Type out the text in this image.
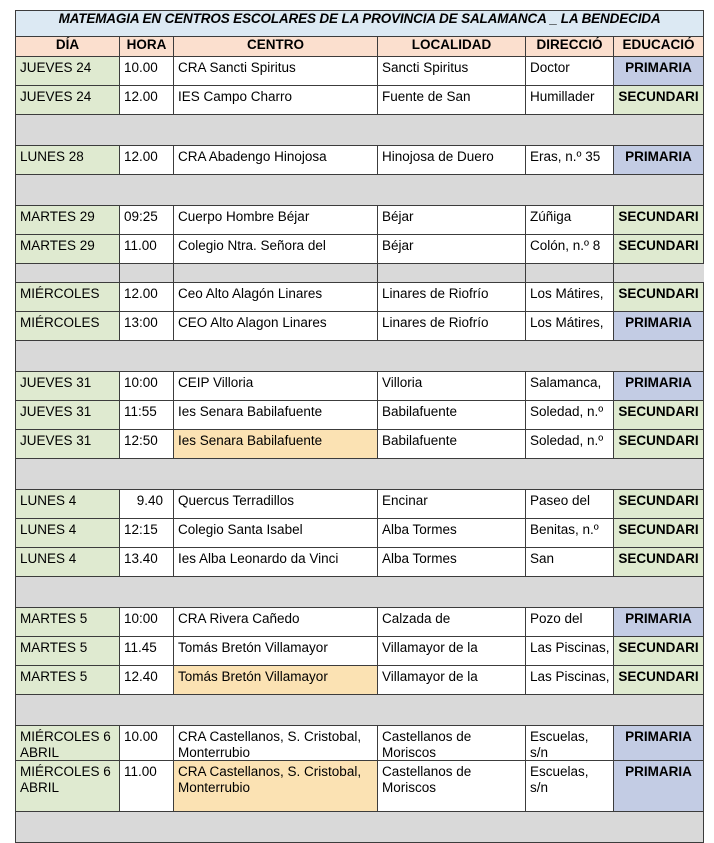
MATEMAGIA EN CENTROS ESCOLARES DE LA PROVINCIA DE SALAMANCA _ LA BENDECIDA					
DÍA	HORA	CENTRO	LOCALIDAD	DIRECCIÓ	EDUCACIÓ
JUEVES 24	10.00	CRA Sancti Spiritus	Sancti Spiritus	Doctor	PRIMARIA
JUEVES 24	12.00	IES Campo Charro	Fuente de San	Humillader	SECUNDARI

LUNES 28	12.00	CRA Abadengo Hinojosa	Hinojosa de Duero	Eras, n.º 35	PRIMARIA

MARTES 29	09:25	Cuerpo Hombre Béjar	Béjar	Zúñiga	SECUNDARI
MARTES 29	11.00	Colegio Ntra. Señora del	Béjar	Colón, n.º 8	SECUNDARI

MIÉRCOLES	12.00	Ceo Alto Alagón Linares	Linares de Riofrío	Los Mátires,	SECUNDARI
MIÉRCOLES	13:00	CEO Alto Alagon Linares	Linares de Riofrío	Los Mátires,	PRIMARIA

JUEVES 31	10:00	CEIP Villoria	Villoria	Salamanca,	PRIMARIA
JUEVES 31	11:55	Ies Senara Babilafuente	Babilafuente	Soledad, n.º	SECUNDARI
JUEVES 31	12:50	Ies Senara Babilafuente	Babilafuente	Soledad, n.º	SECUNDARI

LUNES 4	9.40	Quercus Terradillos	Encinar	Paseo del	SECUNDARI
LUNES 4	12:15	Colegio Santa Isabel	Alba Tormes	Benitas, n.º	SECUNDARI
LUNES 4	13.40	Ies Alba Leonardo da Vinci	Alba Tormes	San	SECUNDARI

MARTES 5	10:00	CRA Rivera Cañedo	Calzada de	Pozo del	PRIMARIA
MARTES 5	11.45	Tomás Bretón Villamayor	Villamayor de la	Las Piscinas,	SECUNDARI
MARTES 5	12.40	Tomás Bretón Villamayor	Villamayor de la	Las Piscinas,	SECUNDARI

MIÉRCOLES 6 ABRIL	10.00	CRA Castellanos, S. Cristobal, Monterrubio	Castellanos de Moriscos	Escuelas, s/n	PRIMARIA
MIÉRCOLES 6 ABRIL	11.00	CRA Castellanos, S. Cristobal, Monterrubio	Castellanos de Moriscos	Escuelas, s/n	PRIMARIA
